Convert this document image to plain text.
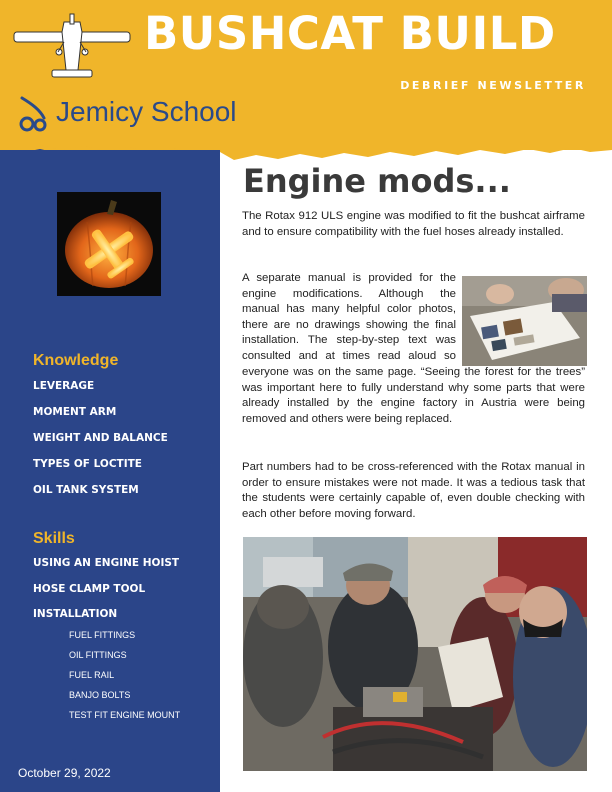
BUSHCAT BUILD
DEBRIEF NEWSLETTER
Jemicy School
Knowledge
LEVERAGE
MOMENT ARM
WEIGHT AND BALANCE
TYPES OF LOCTITE
OIL TANK SYSTEM
Skills
USING AN ENGINE HOIST
HOSE CLAMP TOOL
INSTALLATION
FUEL FITTINGS
OIL FITTINGS
FUEL RAIL
BANJO BOLTS
TEST FIT ENGINE MOUNT
October 29, 2022
Engine mods...

The Rotax 912 ULS engine was modified to fit the bushcat airframe and to ensure compatibility with the fuel hoses already installed.

A separate manual is provided for the
engine modifications. Although the
manual has many helpful color photos,
there are no drawings showing the final
installation. The step-by-step text was
consulted and at times read aloud so

everyone was on the same page. “Seeing the forest for the trees” was important here to fully understand why some parts that were already installed by the engine factory in Austria were being removed and others were being replaced.

Part numbers had to be cross-referenced with the Rotax manual in order to ensure mistakes were not made. It was a tedious task that the students were certainly capable of, even double checking with each other before moving forward.
